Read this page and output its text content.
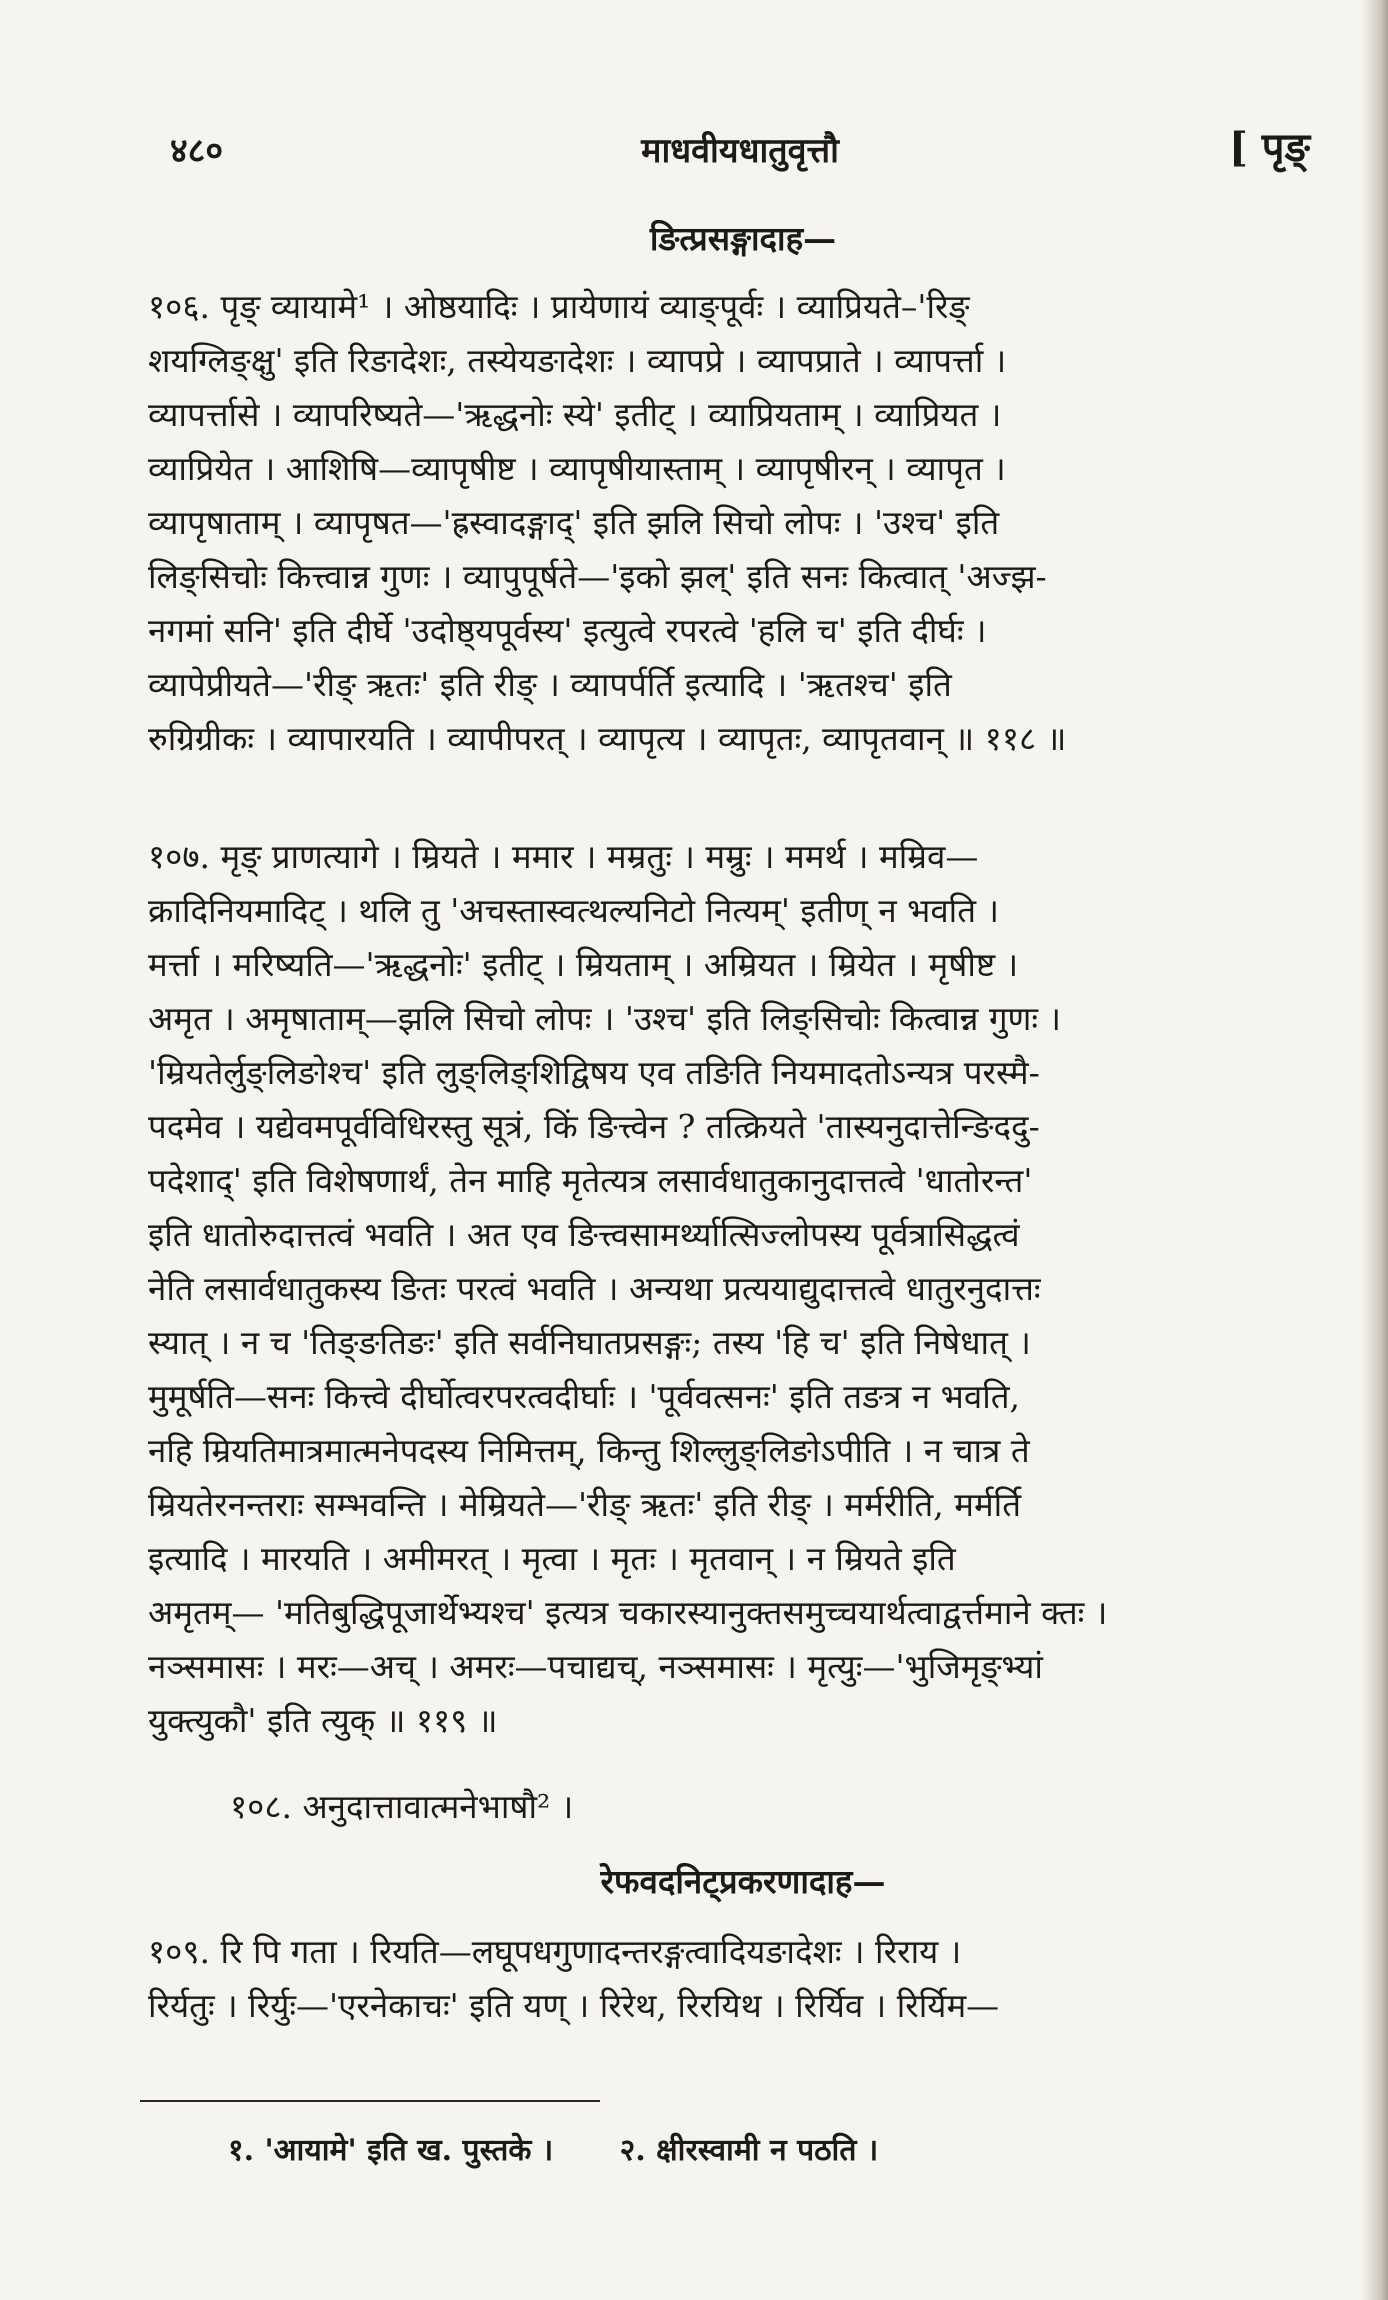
४८०	माधवीयधातुवृत्तौ	[ पृङ्
ङित्प्रसङ्गादाह—
१०६. पृङ् व्यायामे¹ । ओष्ठयादिः । प्रायेणायं व्याङ्पूर्वः । व्याप्रियते–'रिङ्
शयग्लिङ्क्षु' इति रिङादेशः, तस्येयङादेशः । व्यापप्रे । व्यापप्राते । व्यापर्त्ता ।
व्यापर्त्तासे । व्यापरिष्यते—'ऋद्धनोः स्ये' इतीट् । व्याप्रियताम् । व्याप्रियत ।
व्याप्रियेत । आशिषि—व्यापृषीष्ट । व्यापृषीयास्ताम् । व्यापृषीरन् । व्यापृत ।
व्यापृषाताम् । व्यापृषत—'ह्रस्वादङ्गाद्' इति झलि सिचो लोपः । 'उश्च' इति
लिङ्सिचोः कित्त्वान्न गुणः । व्यापुपूर्षते—'इको झल्' इति सनः कित्वात् 'अज्झ-
नगमां सनि' इति दीर्घे 'उदोष्ठ्यपूर्वस्य' इत्युत्वे रपरत्वे 'हलि च' इति दीर्घः ।
व्यापेप्रीयते—'रीङ् ऋतः' इति रीङ् । व्यापर्पर्ति इत्यादि । 'ऋतश्च' इति
रुग्रिग्रीकः । व्यापारयति । व्यापीपरत् । व्यापृत्य । व्यापृतः, व्यापृतवान् ॥ ११८ ॥
१०७. मृङ् प्राणत्यागे । म्रियते । ममार । मम्रतुः । मम्रुः । ममर्थ । मम्रिव—
क्रादिनियमादिट् । थलि तु 'अचस्तास्वत्थल्यनिटो नित्यम्' इतीण् न भवति ।
मर्त्ता । मरिष्यति—'ऋद्धनोः' इतीट् । म्रियताम् । अम्रियत । म्रियेत । मृषीष्ट ।
अमृत । अमृषाताम्—झलि सिचो लोपः । 'उश्च' इति लिङ्सिचोः कित्वान्न गुणः ।
'म्रियतेर्लुङ्लिङोश्च' इति लुङ्लिङ्शिद्विषय एव तङिति नियमादतोऽन्यत्र परस्मै-
पदमेव । यद्येवमपूर्वविधिरस्तु सूत्रं, किं ङित्त्वेन ? तत्क्रियते 'तास्यनुदात्तेन्ङिददु-
पदेशाद्' इति विशेषणार्थं, तेन माहि मृतेत्यत्र लसार्वधातुकानुदात्तत्वे 'धातोरन्त'
इति धातोरुदात्तत्वं भवति । अत एव ङित्त्वसामर्थ्यात्सिज्लोपस्य पूर्वत्रासिद्धत्वं
नेति लसार्वधातुकस्य ङितः परत्वं भवति । अन्यथा प्रत्ययाद्युदात्तत्वे धातुरनुदात्तः
स्यात् । न च 'तिङ्ङतिङः' इति सर्वनिघातप्रसङ्गः; तस्य 'हि च' इति निषेधात् ।
मुमूर्षति—सनः कित्त्वे दीर्घोत्वरपरत्वदीर्घाः । 'पूर्ववत्सनः' इति तङत्र न भवति,
नहि म्रियतिमात्रमात्मनेपदस्य निमित्तम्, किन्तु शिल्लुङ्लिङोऽपीति । न चात्र ते
म्रियतेरनन्तराः सम्भवन्ति । मेम्रियते—'रीङ् ऋतः' इति रीङ् । मर्मरीति, मर्मर्ति
इत्यादि । मारयति । अमीमरत् । मृत्वा । मृतः । मृतवान् । न म्रियते इति
अमृतम्— 'मतिबुद्धिपूजार्थेभ्यश्च' इत्यत्र चकारस्यानुक्तसमुच्चयार्थत्वाद्वर्त्तमाने क्तः ।
नञ्समासः । मरः—अच् । अमरः—पचाद्यच्, नञ्समासः । मृत्युः—'भुजिमृङ्भ्यां
युक्त्युकौ' इति त्युक् ॥ ११९ ॥
१०८. अनुदात्तावात्मनेभाषौ² ।
रेफवदनिट्प्रकरणादाह—
१०९. रि पि गता । रियति—लघूपधगुणादन्तरङ्गत्वादियङादेशः । रिराय ।
रिर्यतुः । रिर्युः—'एरनेकाचः' इति यण् । रिरेथ, रिरयिथ । रिर्यिव । रिर्यिम—
१. 'आयामे' इति ख. पुस्तके । २. क्षीरस्वामी न पठति ।
